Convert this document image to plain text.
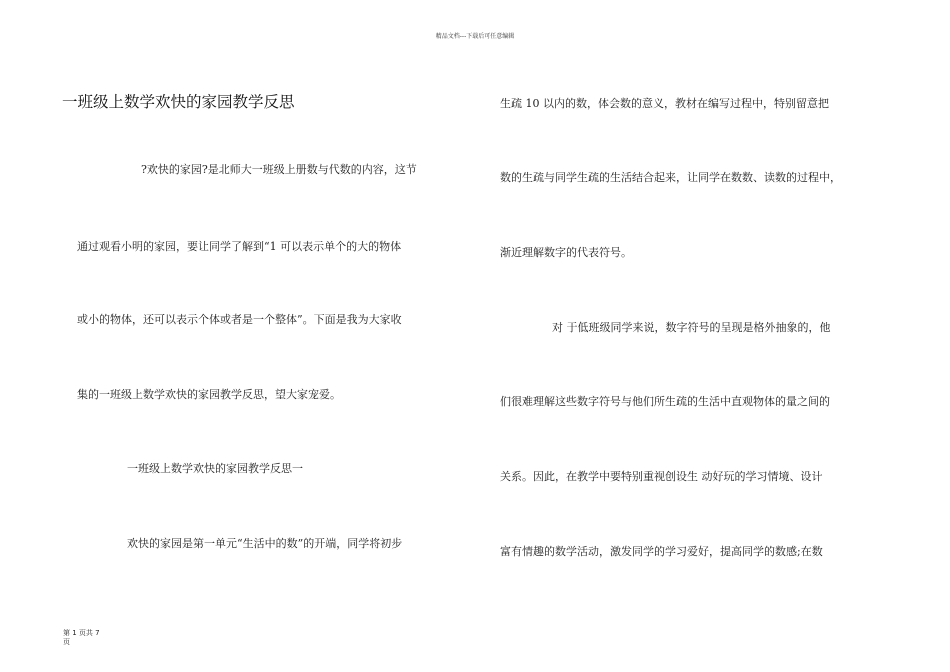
精品文档---下载后可任意编辑
一班级上数学欢快的家园教学反思
?欢快的家园?是北师大一班级上册数与代数的内容，这节
通过观看小明的家园，要让同学了解到“1 可以表示单个的大的物体
或小的物体，还可以表示个体或者是一个整体”。下面是我为大家收
集的一班级上数学欢快的家园教学反思，望大家宠爱。
一班级上数学欢快的家园教学反思一
欢快的家园是第一单元“生活中的数”的开端，同学将初步
生疏 10 以内的数，体会数的意义，教材在编写过程中，特别留意把
数的生疏与同学生疏的生活结合起来，让同学在数数、读数的过程中，
渐近理解数字的代表符号。
对 于低班级同学来说，数字符号的呈现是格外抽象的，他
们很难理解这些数字符号与他们所生疏的生活中直观物体的量之间的
关系。因此，在教学中要特别重视创设生 动好玩的学习情境、设计
富有情趣的数学活动，激发同学的学习爱好，提高同学的数感;在数
第 1 页共 7
页
